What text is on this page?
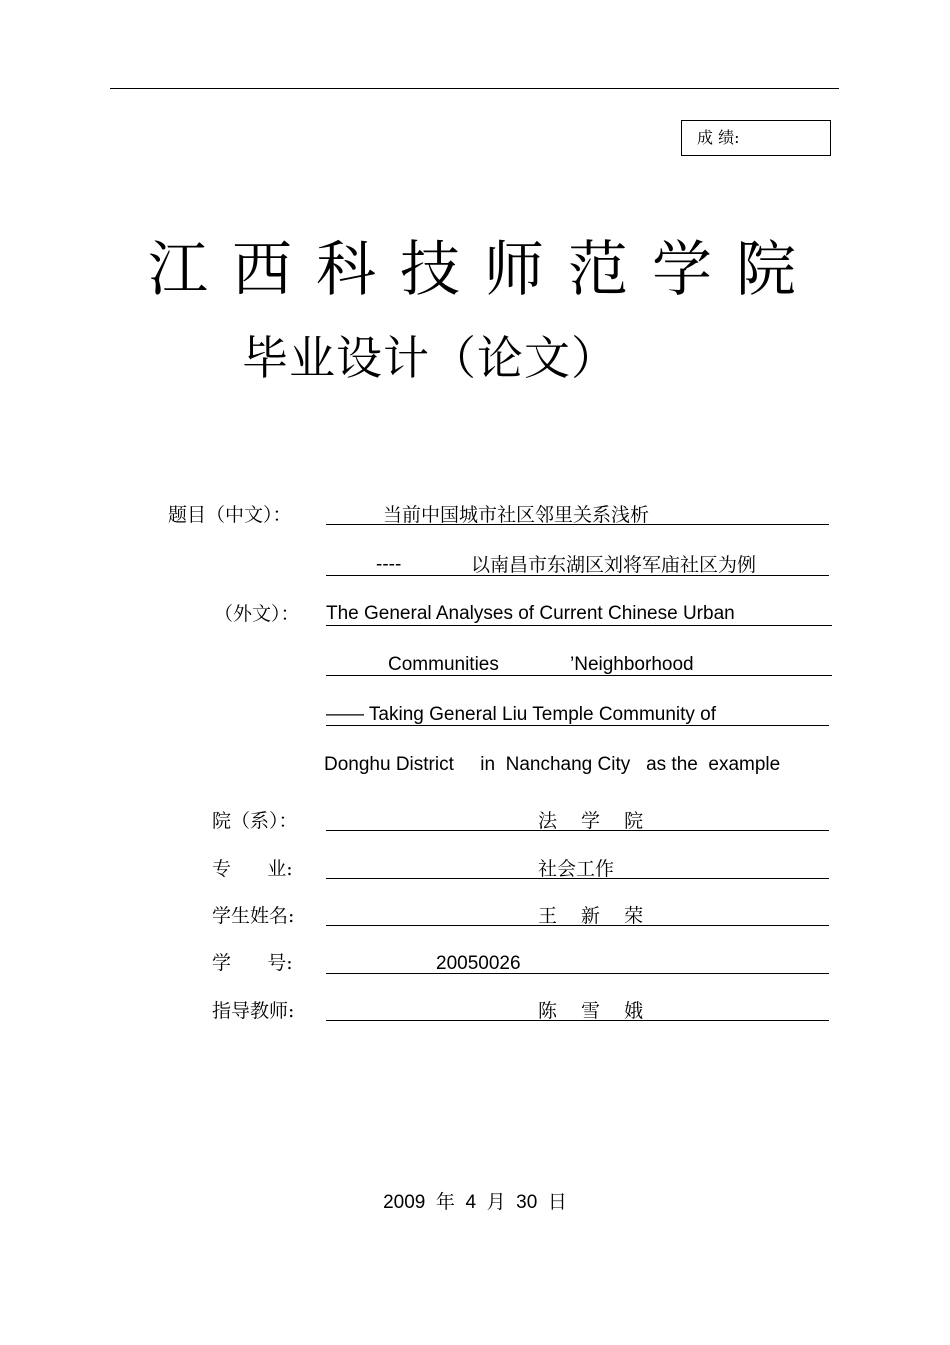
成 绩:
江西科技师范学院
毕业设计（论文）
题目（中文）：	当前中国城市社区邻里关系浅析
----	以南昌市东湖区刘将军庙社区为例
（外文）： The General Analyses of Current Chinese Urban
Communities	’Neighborhood
—— Taking General Liu Temple Community of
Donghu District     in  Nanchang City   as the  example
院（系）：	法 学 院
专      业:	社会工作
学生姓名:	王 新 荣
学      号:	20050026
指导教师:	陈 雪 娥
2009  年  4  月  30  日
